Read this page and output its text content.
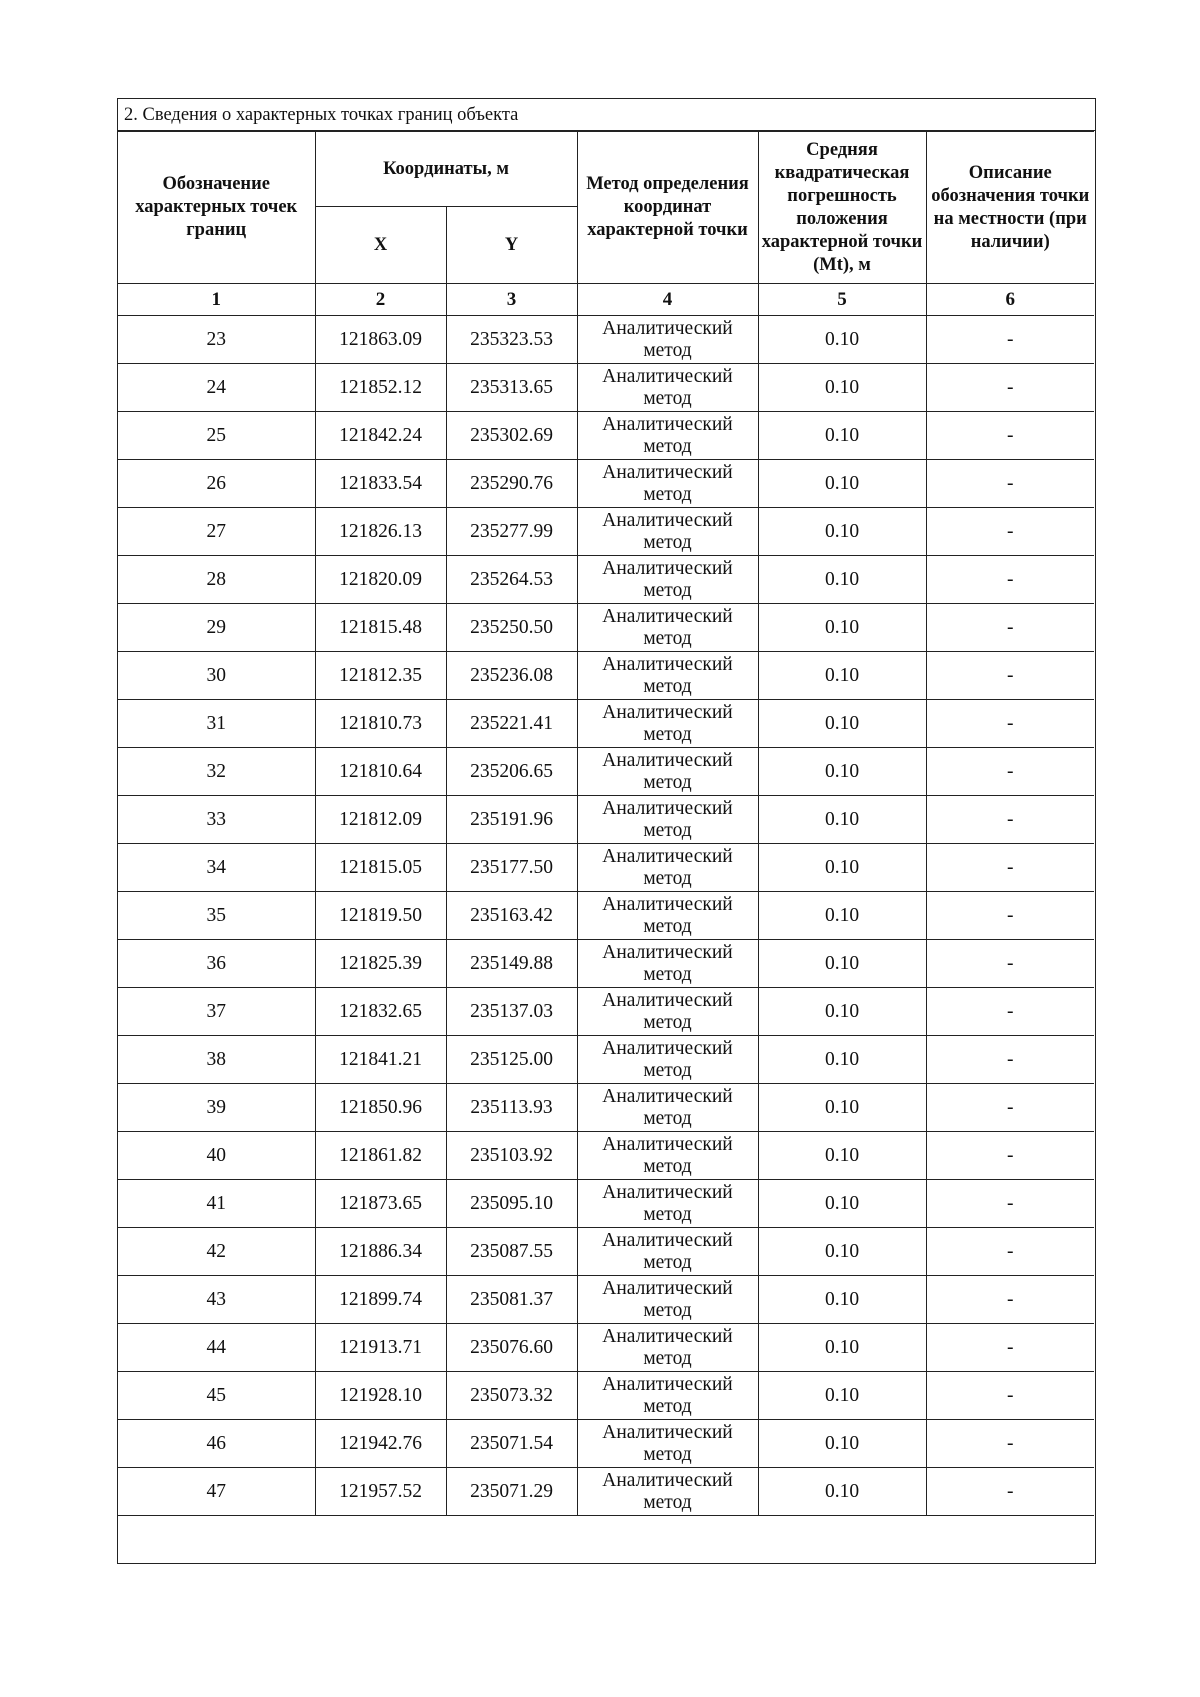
2. Сведения о характерных точках границ объекта
Обозначение характерных точек границ	Координаты, м		Метод определения координат характерной точки	Средняя квадратическая погрешность положения характерной точки (Mt), м	Описание обозначения точки на местности (при наличии)
	X	Y			
1	2	3	4	5	6
23	121863.09	235323.53	Аналитический метод	0.10	-
24	121852.12	235313.65	Аналитический метод	0.10	-
25	121842.24	235302.69	Аналитический метод	0.10	-
26	121833.54	235290.76	Аналитический метод	0.10	-
27	121826.13	235277.99	Аналитический метод	0.10	-
28	121820.09	235264.53	Аналитический метод	0.10	-
29	121815.48	235250.50	Аналитический метод	0.10	-
30	121812.35	235236.08	Аналитический метод	0.10	-
31	121810.73	235221.41	Аналитический метод	0.10	-
32	121810.64	235206.65	Аналитический метод	0.10	-
33	121812.09	235191.96	Аналитический метод	0.10	-
34	121815.05	235177.50	Аналитический метод	0.10	-
35	121819.50	235163.42	Аналитический метод	0.10	-
36	121825.39	235149.88	Аналитический метод	0.10	-
37	121832.65	235137.03	Аналитический метод	0.10	-
38	121841.21	235125.00	Аналитический метод	0.10	-
39	121850.96	235113.93	Аналитический метод	0.10	-
40	121861.82	235103.92	Аналитический метод	0.10	-
41	121873.65	235095.10	Аналитический метод	0.10	-
42	121886.34	235087.55	Аналитический метод	0.10	-
43	121899.74	235081.37	Аналитический метод	0.10	-
44	121913.71	235076.60	Аналитический метод	0.10	-
45	121928.10	235073.32	Аналитический метод	0.10	-
46	121942.76	235071.54	Аналитический метод	0.10	-
47	121957.52	235071.29	Аналитический метод	0.10	-
